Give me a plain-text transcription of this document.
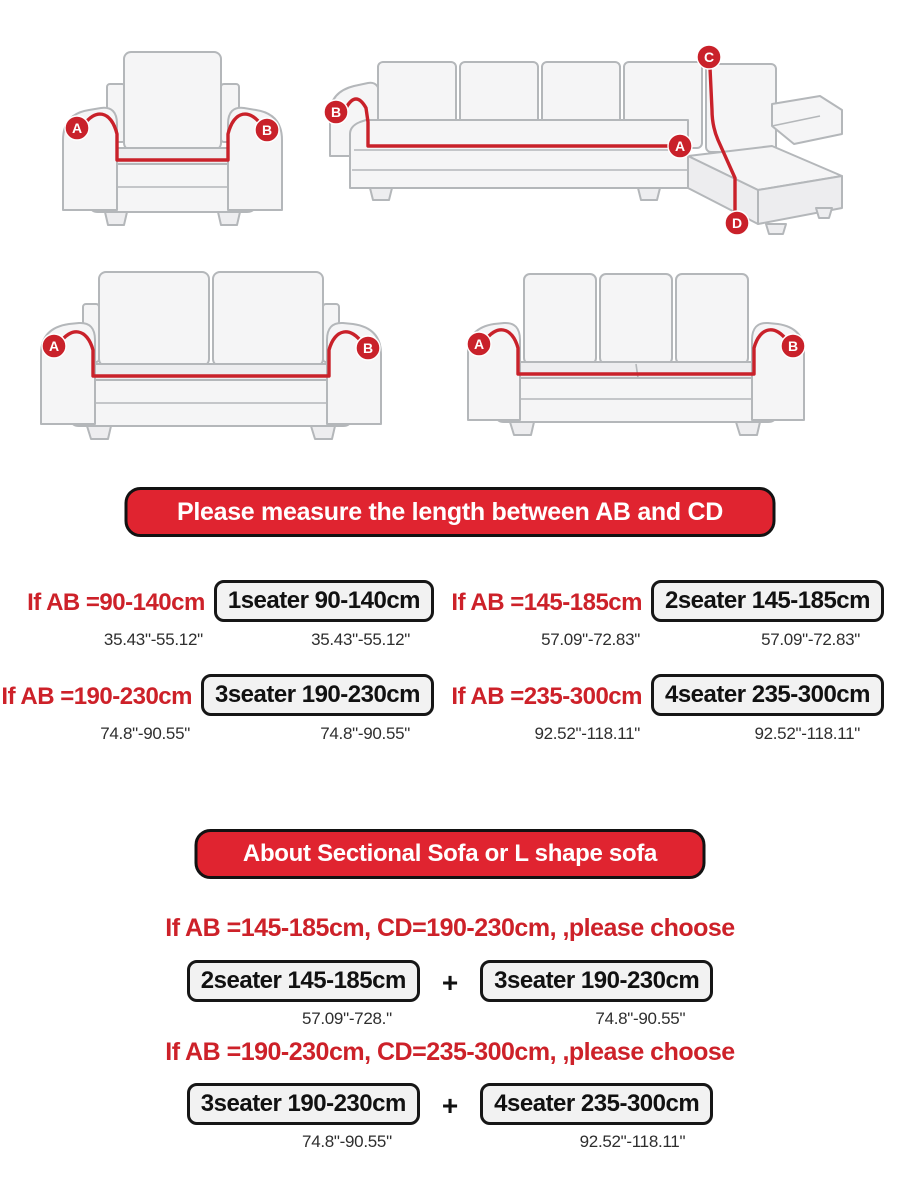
A	B
B
A
C
D
A	B	A	B
Please measure the length between AB and CD
If AB =90-140cm
35.43"-55.12"
1seater 90-140cm
35.43"-55.12"
If AB =145-185cm
57.09"-72.83"
2seater 145-185cm
57.09"-72.83"
If AB =190-230cm
74.8"-90.55"
3seater 190-230cm
74.8"-90.55"
If AB =235-300cm
92.52"-118.11"
4seater 235-300cm
92.52"-118.11"
About Sectional Sofa or L shape sofa
If AB =145-185cm, CD=190-230cm, ,please choose
2seater 145-185cm
57.09"-728."
+	3seater 190-230cm
74.8"-90.55"
If AB =190-230cm, CD=235-300cm, ,please choose
3seater 190-230cm
74.8"-90.55"
+	4seater 235-300cm
92.52"-118.11"
